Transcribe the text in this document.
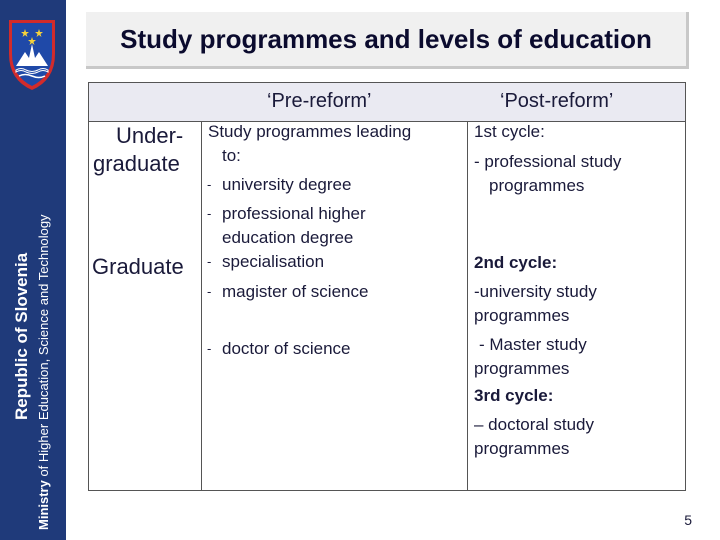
Republic of Slovenia
Ministry of Higher Education, Science and Technology
Study programmes and levels of education
‘Pre-reform’	‘Post-reform’
Under-
graduate
Graduate
Study programmes leading
to:
- university degree
- professional higher
education degree
- specialisation
- magister of science
- doctor of science
1st cycle:
- professional study
programmes
2nd cycle:
-university study
programmes
- Master study
programmes
3rd cycle:
– doctoral study
programmes
5
